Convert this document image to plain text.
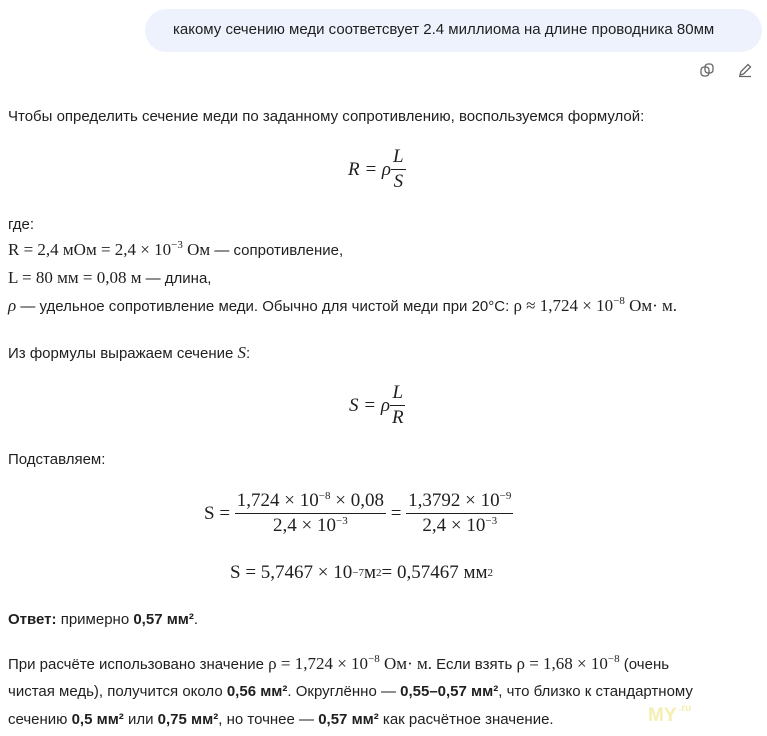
какому сечению меди соответсвует 2.4 миллиома на длине проводника 80мм
Чтобы определить сечение меди по заданному сопротивлению, воспользуемся формулой:
R = ρ $\frac{L}{S}$
где:
R = 2,4 мОм = $2,4 \times 10^{-3}$ Ом — сопротивление,
L = 80 мм = 0,08 м — длина,
ρ — удельное сопротивление меди. Обычно для чистой меди при 20°C: $\rho \approx 1,724 \times 10^{-8}$ Ом· м.
Из формулы выражаем сечение S:
S = ρ $\frac{L}{R}$
Подставляем:
S =
$\frac{1,724 \times 10^{-8} \times 0,08}{2,4 \times 10^{-3}}$
=
$\frac{1,3792 \times 10^{-9}}{2,4 \times 10^{-3}}$
S = 5,7467 × 10 −7 м 2 = 0,57467 мм 2
Ответ: примерно 0,57 мм².
При расчёте использовано значение $\rho = 1,724 \times 10^{-8}$ Ом· м. Если взять $\rho = 1,68 \times 10^{-8}$ (очень
чистая медь), получится около 0,56 мм². Округлённо — 0,55–0,57 мм², что близко к стандартному
сечению 0,5 мм² или 0,75 мм², но точнее — 0,57 мм² как расчётное значение.	MY $^{.ru}$
